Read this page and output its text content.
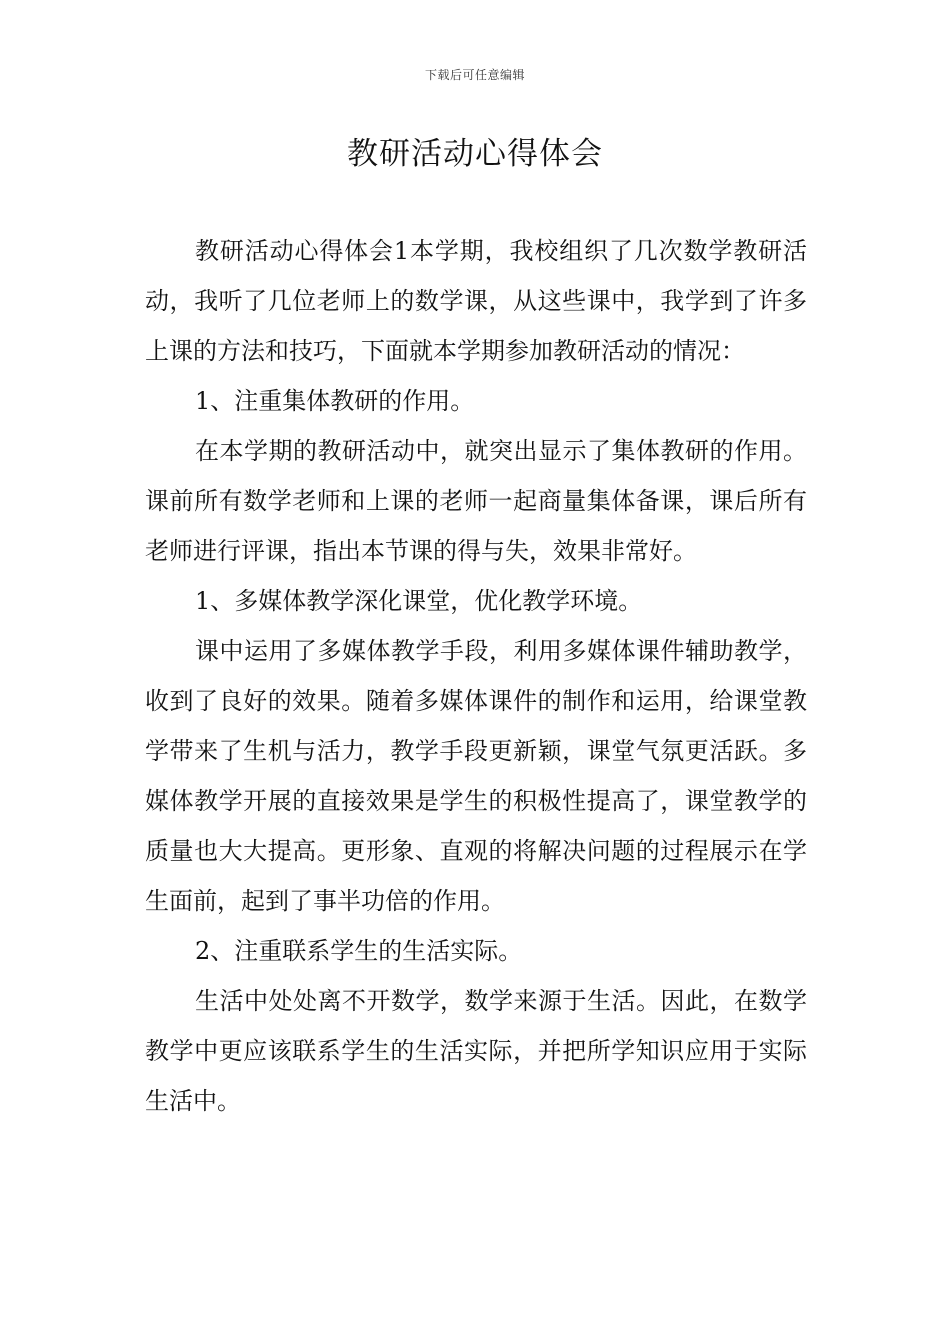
下载后可任意编辑
教研活动心得体会

教研活动心得体会1本学期，我校组织了几次数学教研活动，我听了几位老师上的数学课，从这些课中，我学到了许多上课的方法和技巧，下面就本学期参加教研活动的情况：

1、注重集体教研的作用。

在本学期的教研活动中，就突出显示了集体教研的作用。课前所有数学老师和上课的老师一起商量集体备课，课后所有老师进行评课，指出本节课的得与失，效果非常好。

1、多媒体教学深化课堂，优化教学环境。

课中运用了多媒体教学手段，利用多媒体课件辅助教学，收到了良好的效果。随着多媒体课件的制作和运用，给课堂教学带来了生机与活力，教学手段更新颖，课堂气氛更活跃。多媒体教学开展的直接效果是学生的积极性提高了，课堂教学的质量也大大提高。更形象、直观的将解决问题的过程展示在学生面前，起到了事半功倍的作用。

2、注重联系学生的生活实际。

生活中处处离不开数学，数学来源于生活。因此，在数学教学中更应该联系学生的生活实际，并把所学知识应用于实际生活中。
